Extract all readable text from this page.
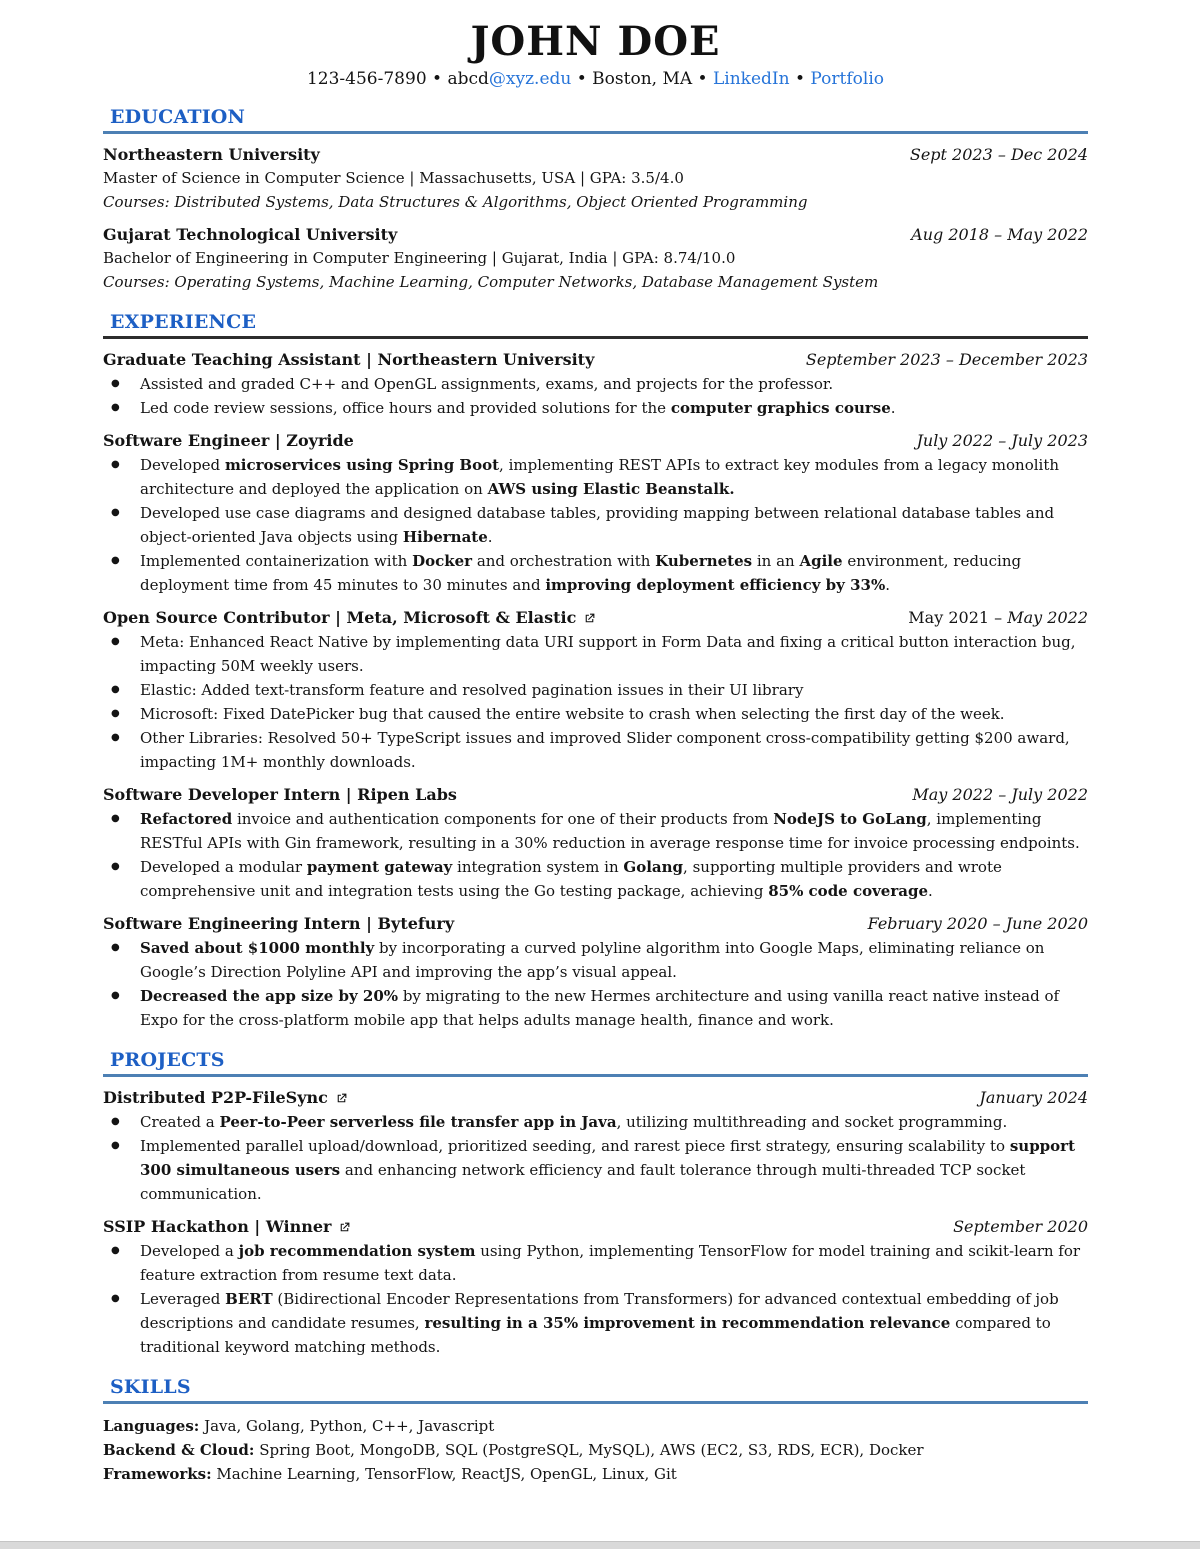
JOHN DOE
123-456-7890 • abcd@xyz.edu • Boston, MA • LinkedIn • Portfolio
EDUCATION
Northeastern University	Sept 2023 – Dec 2024
Master of Science in Computer Science | Massachusetts, USA | GPA: 3.5/4.0
Courses: Distributed Systems, Data Structures & Algorithms, Object Oriented Programming
Gujarat Technological University	Aug 2018 – May 2022
Bachelor of Engineering in Computer Engineering | Gujarat, India | GPA: 8.74/10.0
Courses: Operating Systems, Machine Learning, Computer Networks, Database Management System
EXPERIENCE
Graduate Teaching Assistant | Northeastern University	September 2023 – December 2023
● Assisted and graded C++ and OpenGL assignments, exams, and projects for the professor.
● Led code review sessions, office hours and provided solutions for the computer graphics course.
Software Engineer | Zoyride	July 2022 – July 2023
● Developed microservices using Spring Boot, implementing REST APIs to extract key modules from a legacy monolith architecture and deployed the application on AWS using Elastic Beanstalk.
● Developed use case diagrams and designed database tables, providing mapping between relational database tables and object-oriented Java objects using Hibernate.
● Implemented containerization with Docker and orchestration with Kubernetes in an Agile environment, reducing deployment time from 45 minutes to 30 minutes and improving deployment efficiency by 33%.
Open Source Contributor | Meta, Microsoft & Elastic	May 2021 – May 2022
● Meta: Enhanced React Native by implementing data URI support in Form Data and fixing a critical button interaction bug, impacting 50M weekly users.
● Elastic: Added text-transform feature and resolved pagination issues in their UI library
● Microsoft: Fixed DatePicker bug that caused the entire website to crash when selecting the first day of the week.
● Other Libraries: Resolved 50+ TypeScript issues and improved Slider component cross-compatibility getting $200 award, impacting 1M+ monthly downloads.
Software Developer Intern | Ripen Labs	May 2022 – July 2022
● Refactored invoice and authentication components for one of their products from NodeJS to GoLang, implementing RESTful APIs with Gin framework, resulting in a 30% reduction in average response time for invoice processing endpoints.
● Developed a modular payment gateway integration system in Golang, supporting multiple providers and wrote comprehensive unit and integration tests using the Go testing package, achieving 85% code coverage.
Software Engineering Intern | Bytefury	February 2020 – June 2020
● Saved about $1000 monthly by incorporating a curved polyline algorithm into Google Maps, eliminating reliance on Google’s Direction Polyline API and improving the app’s visual appeal.
● Decreased the app size by 20% by migrating to the new Hermes architecture and using vanilla react native instead of Expo for the cross-platform mobile app that helps adults manage health, finance and work.
PROJECTS
Distributed P2P-FileSync	January 2024
● Created a Peer-to-Peer serverless file transfer app in Java, utilizing multithreading and socket programming.
● Implemented parallel upload/download, prioritized seeding, and rarest piece first strategy, ensuring scalability to support 300 simultaneous users and enhancing network efficiency and fault tolerance through multi-threaded TCP socket communication.
SSIP Hackathon | Winner	September 2020
● Developed a job recommendation system using Python, implementing TensorFlow for model training and scikit-learn for feature extraction from resume text data.
● Leveraged BERT (Bidirectional Encoder Representations from Transformers) for advanced contextual embedding of job descriptions and candidate resumes, resulting in a 35% improvement in recommendation relevance compared to traditional keyword matching methods.
SKILLS
Languages: Java, Golang, Python, C++, Javascript
Backend & Cloud: Spring Boot, MongoDB, SQL (PostgreSQL, MySQL), AWS (EC2, S3, RDS, ECR), Docker
Frameworks: Machine Learning, TensorFlow, ReactJS, OpenGL, Linux, Git
